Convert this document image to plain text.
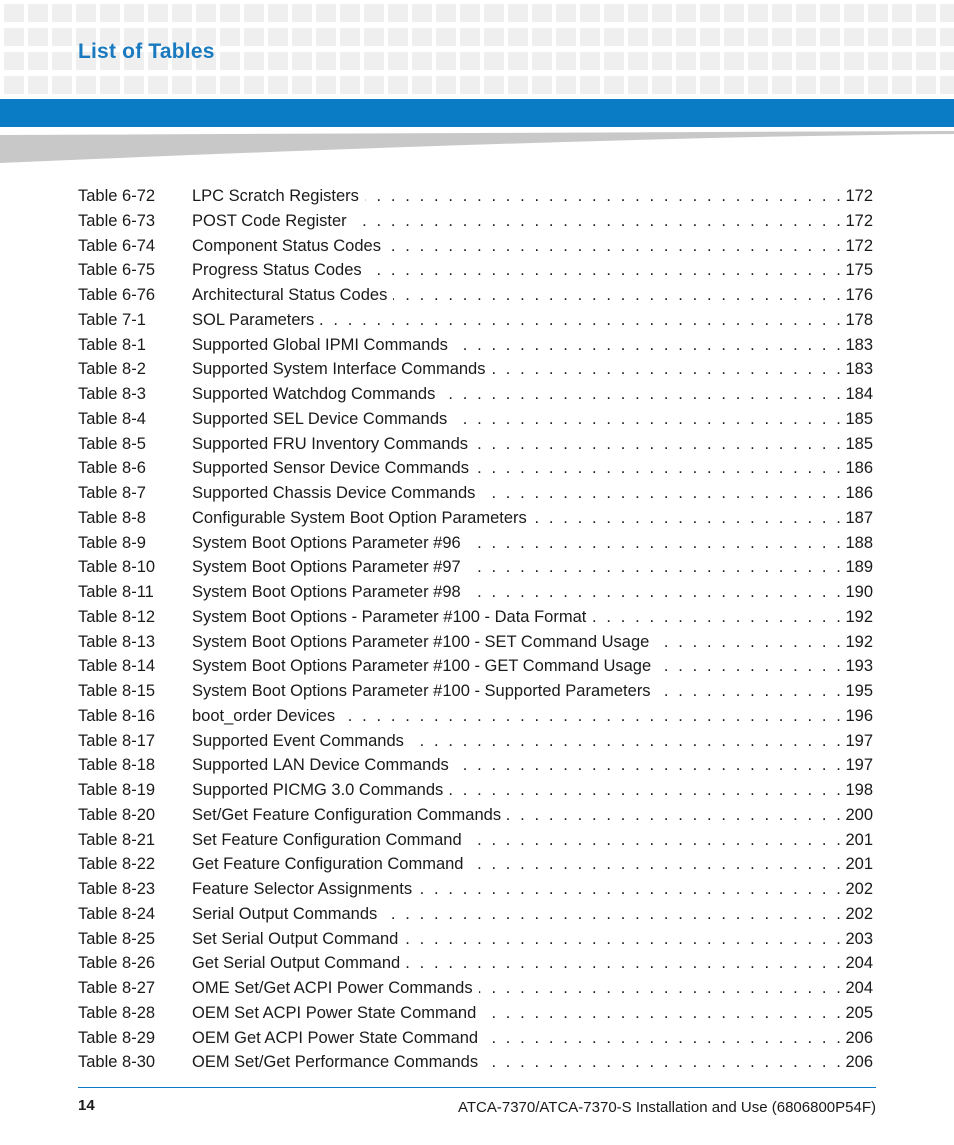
List of Tables
Table 6-72	LPC Scratch Registers . . .	172
Table 6-73	POST Code Register . . .	172
Table 6-74	Component Status Codes . . .	172
Table 6-75	Progress Status Codes . . .	175
Table 6-76	Architectural Status Codes . . .	176
Table 7-1	SOL Parameters . . .	178
Table 8-1	Supported Global IPMI Commands . . .	183
Table 8-2	Supported System Interface Commands . . .	183
Table 8-3	Supported Watchdog Commands . . .	184
Table 8-4	Supported SEL Device Commands . . .	185
Table 8-5	Supported FRU Inventory Commands . . .	185
Table 8-6	Supported Sensor Device Commands . . .	186
Table 8-7	Supported Chassis Device Commands . . .	186
Table 8-8	Configurable System Boot Option Parameters . . .	187
Table 8-9	System Boot Options Parameter #96 . . .	188
Table 8-10	System Boot Options Parameter #97 . . .	189
Table 8-11	System Boot Options Parameter #98 . . .	190
Table 8-12	System Boot Options - Parameter #100 - Data Format . . .	192
Table 8-13	System Boot Options Parameter #100 - SET Command Usage . . .	192
Table 8-14	System Boot Options Parameter #100 - GET Command Usage . . .	193
Table 8-15	System Boot Options Parameter #100 - Supported Parameters . . .	195
Table 8-16	boot_order Devices . . .	196
Table 8-17	Supported Event Commands . . .	197
Table 8-18	Supported LAN Device Commands . . .	197
Table 8-19	Supported PICMG 3.0 Commands . . .	198
Table 8-20	Set/Get Feature Configuration Commands . . .	200
Table 8-21	Set Feature Configuration Command . . .	201
Table 8-22	Get Feature Configuration Command . . .	201
Table 8-23	Feature Selector Assignments . . .	202
Table 8-24	Serial Output Commands . . .	202
Table 8-25	Set Serial Output Command . . .	203
Table 8-26	Get Serial Output Command . . .	204
Table 8-27	OME Set/Get ACPI Power Commands . . .	204
Table 8-28	OEM Set ACPI Power State Command . . .	205
Table 8-29	OEM Get ACPI Power State Command . . .	206
Table 8-30	OEM Set/Get Performance Commands . . .	206
14	ATCA-7370/ATCA-7370-S Installation and Use (6806800P54F)
